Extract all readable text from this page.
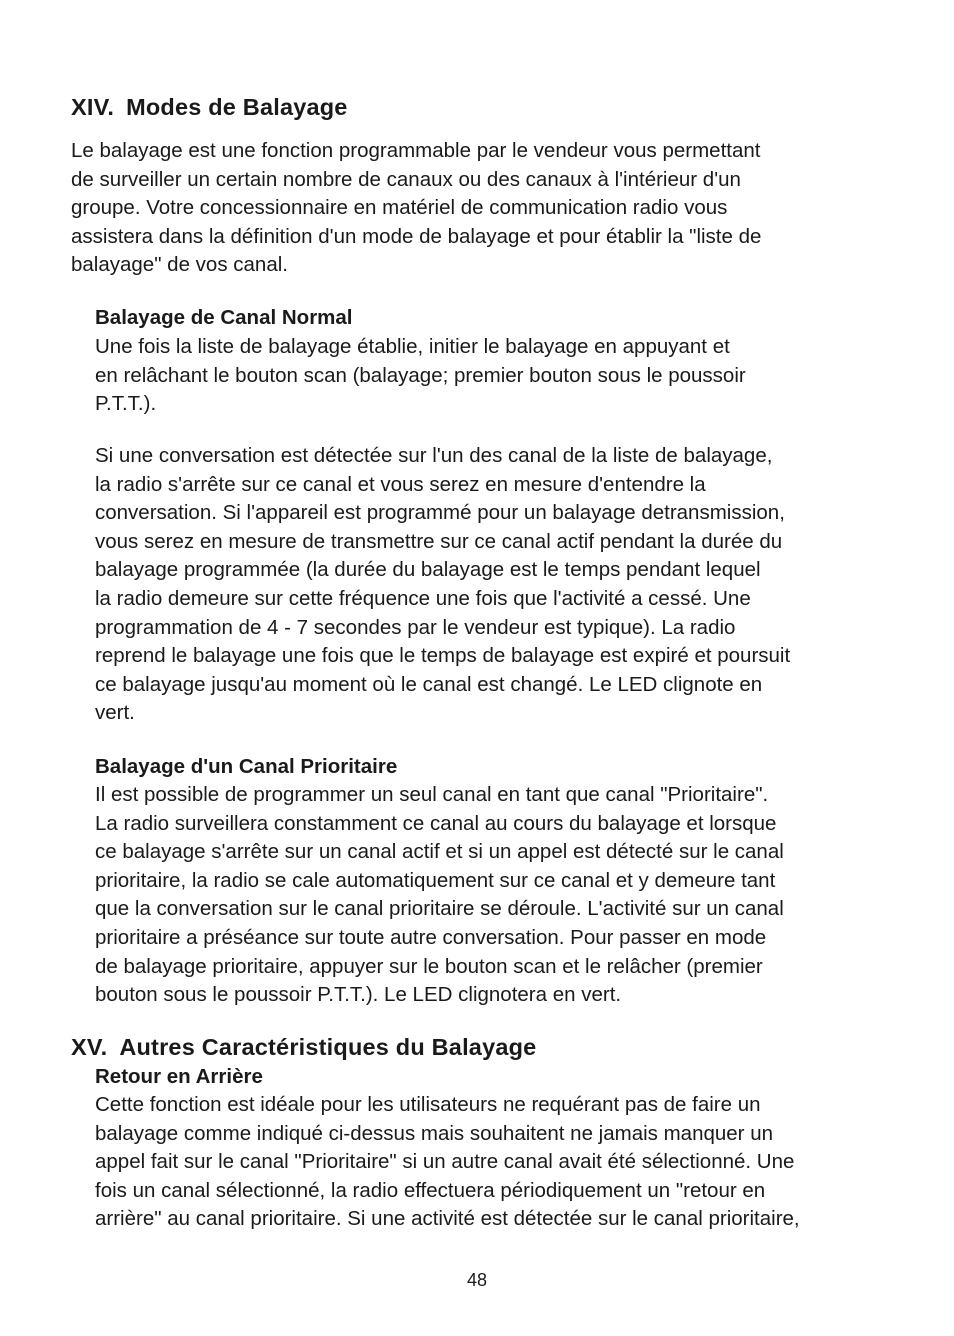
XIV. Modes de Balayage

Le balayage est une fonction programmable par le vendeur vous permettant
de surveiller un certain nombre de canaux ou des canaux à l'intérieur d'un
groupe. Votre concessionnaire en matériel de communication radio vous
assistera dans la définition d'un mode de balayage et pour établir la "liste de
balayage" de vos canal.

Balayage de Canal Normal

Une fois la liste de balayage établie, initier le balayage en appuyant et
en relâchant le bouton scan (balayage; premier bouton sous le poussoir
P.T.T.).

Si une conversation est détectée sur l'un des canal de la liste de balayage,
la radio s'arrête sur ce canal et vous serez en mesure d'entendre la
conversation. Si l'appareil est programmé pour un balayage detransmission,
vous serez en mesure de transmettre sur ce canal actif pendant la durée du
balayage programmée (la durée du balayage est le temps pendant lequel
la radio demeure sur cette fréquence une fois que l'activité a cessé. Une
programmation de 4 - 7 secondes par le vendeur est typique). La radio
reprend le balayage une fois que le temps de balayage est expiré et poursuit
ce balayage jusqu'au moment où le canal est changé. Le LED clignote en
vert.

Balayage d'un Canal Prioritaire

Il est possible de programmer un seul canal en tant que canal "Prioritaire".
La radio surveillera constamment ce canal au cours du balayage et lorsque
ce balayage s'arrête sur un canal actif et si un appel est détecté sur le canal
prioritaire, la radio se cale automatiquement sur ce canal et y demeure tant
que la conversation sur le canal prioritaire se déroule. L'activité sur un canal
prioritaire a préséance sur toute autre conversation. Pour passer en mode
de balayage prioritaire, appuyer sur le bouton scan et le relâcher (premier
bouton sous le poussoir P.T.T.). Le LED clignotera en vert.

XV. Autres Caractéristiques du Balayage
Retour en Arrière

Cette fonction est idéale pour les utilisateurs ne requérant pas de faire un
balayage comme indiqué ci-dessus mais souhaitent ne jamais manquer un
appel fait sur le canal "Prioritaire" si un autre canal avait été sélectionné. Une
fois un canal sélectionné, la radio effectuera périodiquement un "retour en
arrière" au canal prioritaire. Si une activité est détectée sur le canal prioritaire,

48
